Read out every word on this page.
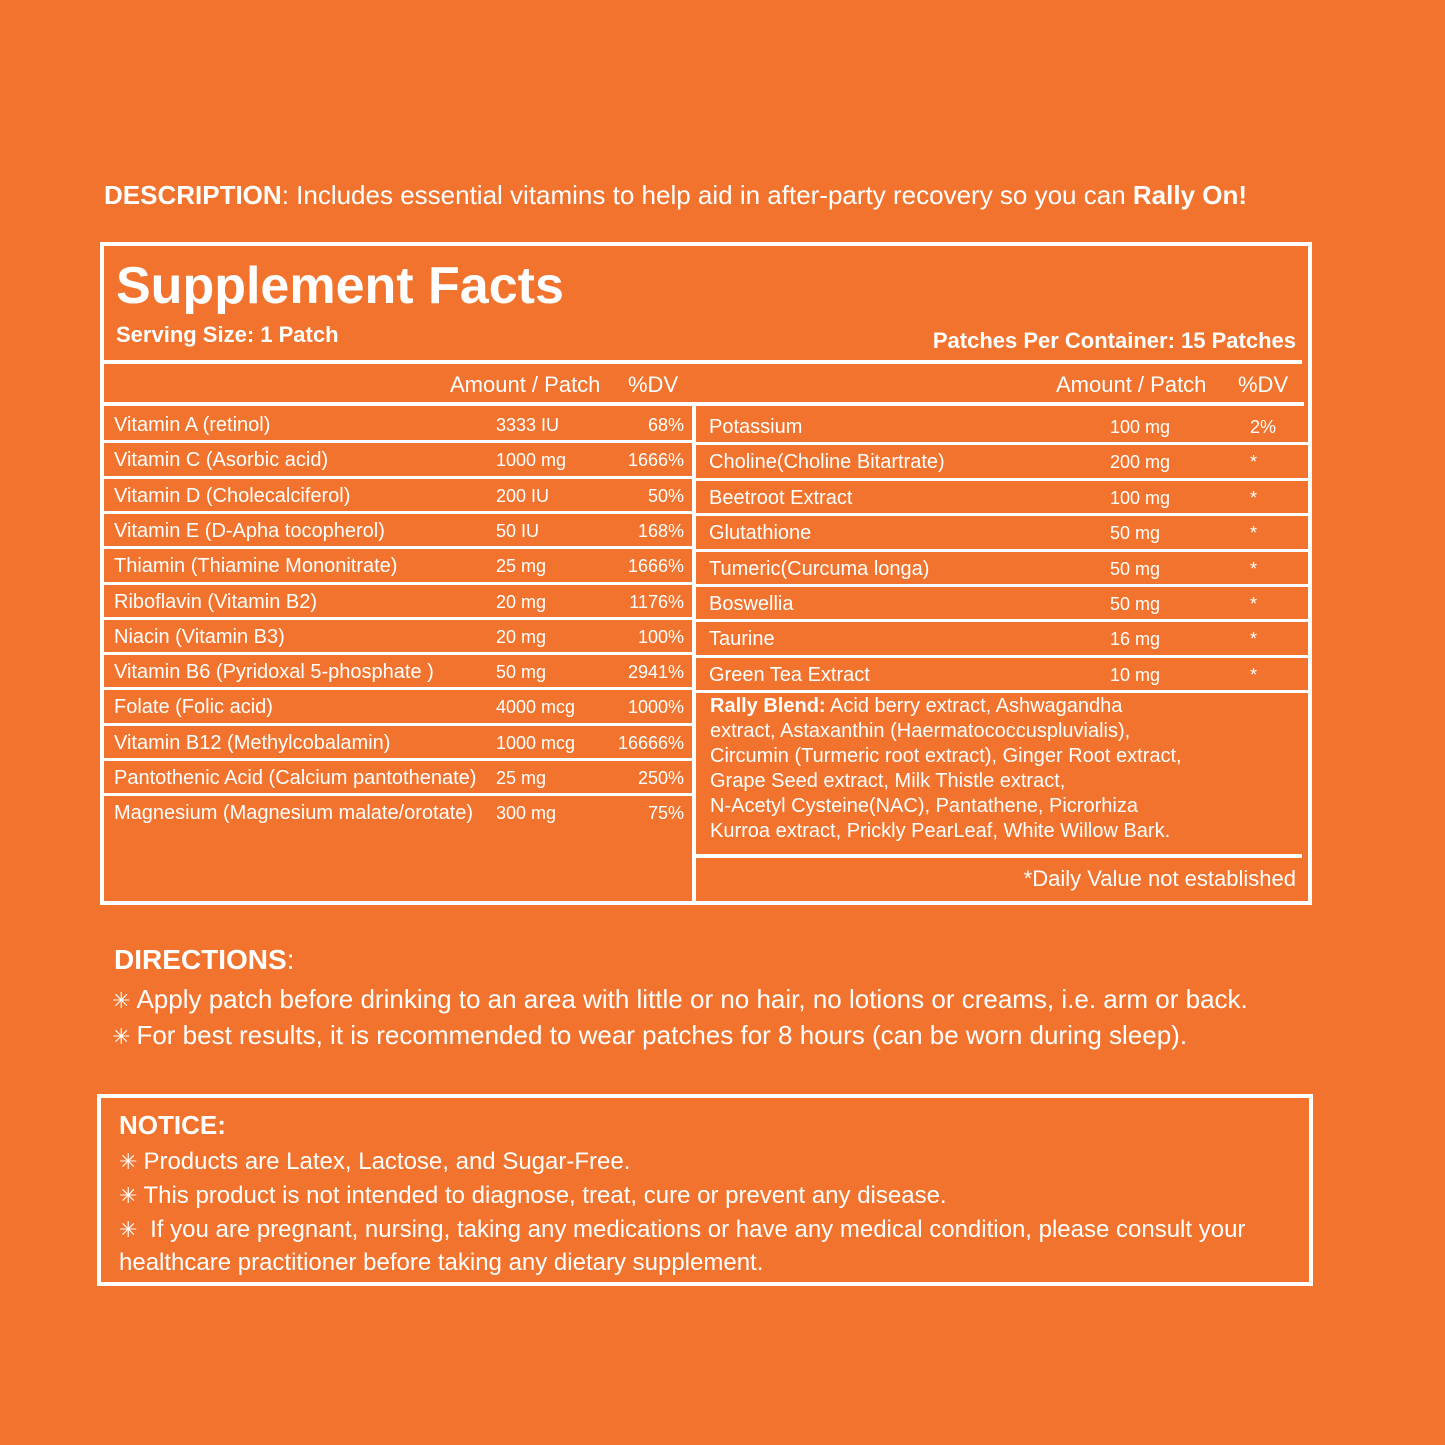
DESCRIPTION: Includes essential vitamins to help aid in after-party recovery so you can Rally On!
Supplement Facts
Serving Size: 1 Patch	Patches Per Container: 15 Patches
Amount / Patch %DV	Amount / Patch %DV
Vitamin A (retinol)	3333 IU	68%
Vitamin C (Asorbic acid)	1000 mg	1666%
Vitamin D (Cholecalciferol)	200 IU	50%
Vitamin E (D-Apha tocopherol)	50 IU	168%
Thiamin (Thiamine Mononitrate)	25 mg	1666%
Riboflavin (Vitamin B2)	20 mg	1176%
Niacin (Vitamin B3)	20 mg	100%
Vitamin B6 (Pyridoxal 5-phosphate )	50 mg	2941%
Folate (Folic acid)	4000 mcg	1000%
Vitamin B12 (Methylcobalamin)	1000 mcg 16666%
Pantothenic Acid (Calcium pantothenate) 25 mg	250%
Magnesium (Magnesium malate/orotate) 300 mg	75%
Potassium	100 mg	2%
Choline(Choline Bitartrate)	200 mg	*
Beetroot Extract	100 mg	*
Glutathione	50 mg	*
Tumeric(Curcuma longa)	50 mg	*
Boswellia	50 mg	*
Taurine	16 mg	*
Green Tea Extract	10 mg	*
Rally Blend: Acid berry extract, Ashwagandha
extract, Astaxanthin (Haermatococcuspluvialis),
Circumin (Turmeric root extract), Ginger Root extract,
Grape Seed extract, Milk Thistle extract,
N-Acetyl Cysteine(NAC), Pantathene, Picrorhiza
Kurroa extract, Prickly PearLeaf, White Willow Bark.
*Daily Value not established
DIRECTIONS:
✳ Apply patch before drinking to an area with little or no hair, no lotions or creams, i.e. arm or back.
✳ For best results, it is recommended to wear patches for 8 hours (can be worn during sleep).
NOTICE:
✳ Products are Latex, Lactose, and Sugar-Free.
✳ This product is not intended to diagnose, treat, cure or prevent any disease.
✳ If you are pregnant, nursing, taking any medications or have any medical condition, please consult your
healthcare practitioner before taking any dietary supplement.
